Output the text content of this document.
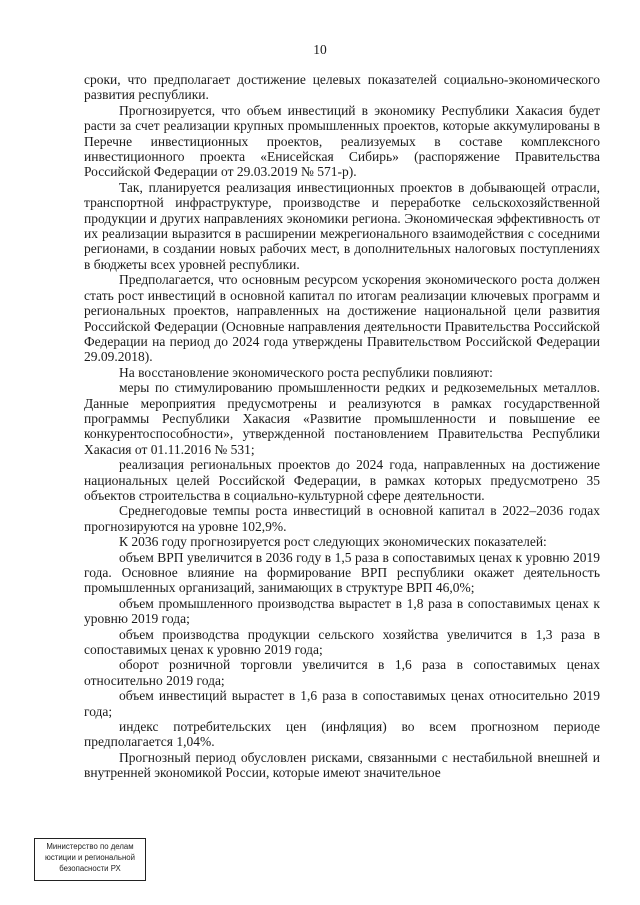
10

сроки, что предполагает достижение целевых показателей социально-экономического развития республики.

Прогнозируется, что объем инвестиций в экономику Республики Хакасия будет расти за счет реализации крупных промышленных проектов, которые аккумулированы в Перечне инвестиционных проектов, реализуемых в составе комплексного инвестиционного проекта «Енисейская Сибирь» (распоряжение Правительства Российской Федерации от 29.03.2019 № 571-р).

Так, планируется реализация инвестиционных проектов в добывающей отрасли, транспортной инфраструктуре, производстве и переработке сельскохозяйственной продукции и других направлениях экономики региона. Экономическая эффективность от их реализации выразится в расширении межрегионального взаимодействия с соседними регионами, в создании новых рабочих мест, в дополнительных налоговых поступлениях в бюджеты всех уровней республики.

Предполагается, что основным ресурсом ускорения экономического роста должен стать рост инвестиций в основной капитал по итогам реализации ключевых программ и региональных проектов, направленных на достижение национальной цели развития Российской Федерации (Основные направления деятельности Правительства Российской Федерации на период до 2024 года утверждены Правительством Российской Федерации 29.09.2018).

На восстановление экономического роста республики повлияют:

меры по стимулированию промышленности редких и редкоземельных металлов. Данные мероприятия предусмотрены и реализуются в рамках государственной программы Республики Хакасия «Развитие промышленности и повышение ее конкурентоспособности», утвержденной постановлением Правительства Республики Хакасия от 01.11.2016 № 531;

реализация региональных проектов до 2024 года, направленных на достижение национальных целей Российской Федерации, в рамках которых предусмотрено 35 объектов строительства в социально-культурной сфере деятельности.

Среднегодовые темпы роста инвестиций в основной капитал в 2022–2036 годах прогнозируются на уровне 102,9%.

К 2036 году прогнозируется рост следующих экономических показателей:

объем ВРП увеличится в 2036 году в 1,5 раза в сопоставимых ценах к уровню 2019 года. Основное влияние на формирование ВРП республики окажет деятельность промышленных организаций, занимающих в структуре ВРП 46,0%;

объем промышленного производства вырастет в 1,8 раза в сопоставимых ценах к уровню 2019 года;

объем производства продукции сельского хозяйства увеличится в 1,3 раза в сопоставимых ценах к уровню 2019 года;

оборот розничной торговли увеличится в 1,6 раза в сопоставимых ценах относительно 2019 года;

объем инвестиций вырастет в 1,6 раза в сопоставимых ценах относительно 2019 года;

индекс потребительских цен (инфляция) во всем прогнозном периоде предполагается 1,04%.

Прогнозный период обусловлен рисками, связанными с нестабильной внешней и внутренней экономикой России, которые имеют значительное

Министерство по делам
юстиции и региональной
безопасности РХ
